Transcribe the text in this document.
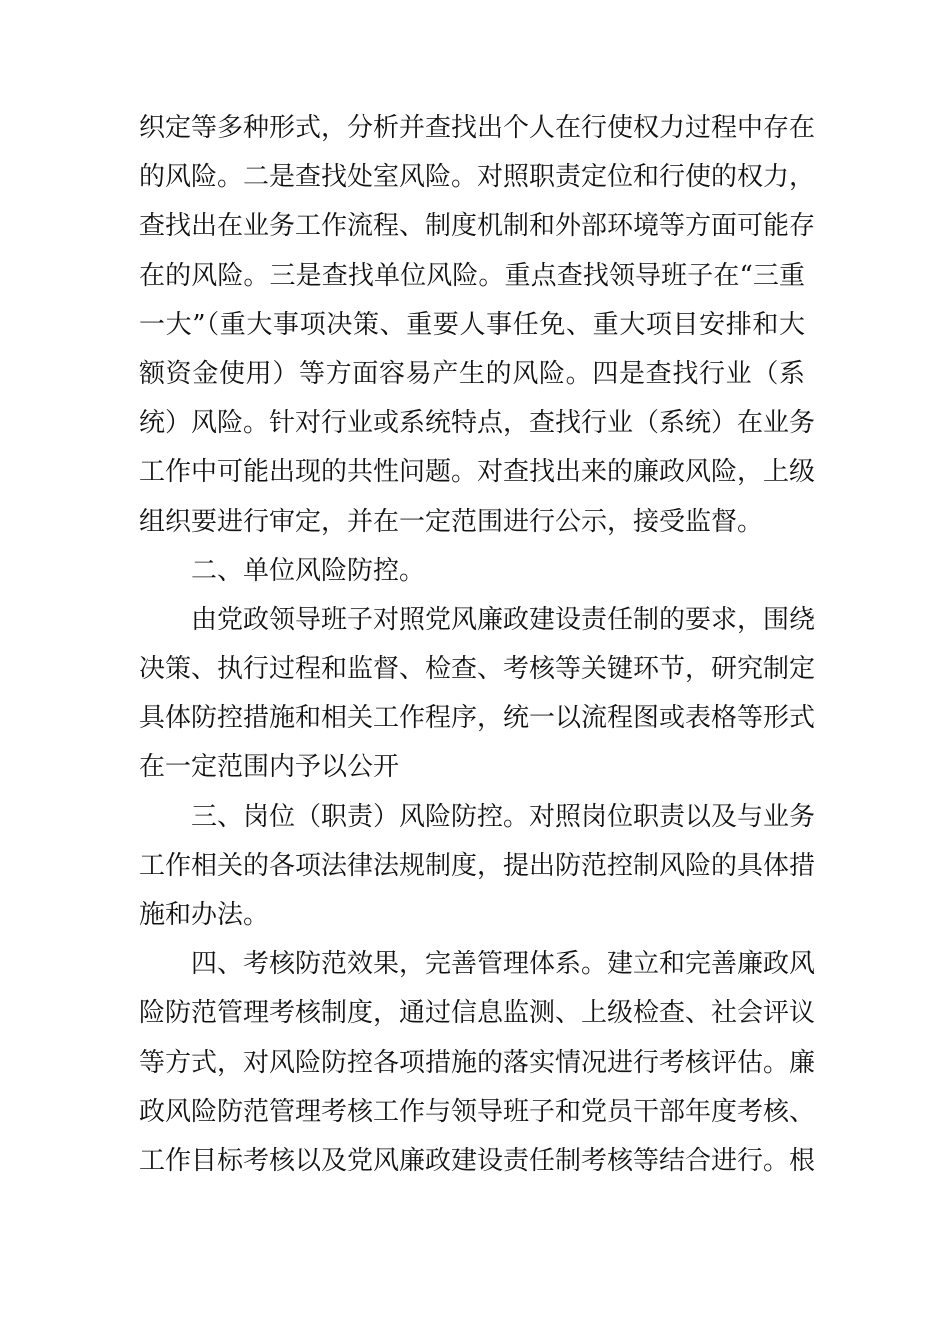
织定等多种形式，分析并查找出个人在行使权力过程中存在
的风险。二是查找处室风险。对照职责定位和行使的权力，
查找出在业务工作流程、制度机制和外部环境等方面可能存
在的风险。三是查找单位风险。重点查找领导班子在“三重
一大”（重大事项决策、重要人事任免、重大项目安排和大
额资金使用）等方面容易产生的风险。四是查找行业（系
统）风险。针对行业或系统特点，查找行业（系统）在业务
工作中可能出现的共性问题。对查找出来的廉政风险，上级
组织要进行审定，并在一定范围进行公示，接受监督。
二、单位风险防控。
由党政领导班子对照党风廉政建设责任制的要求，围绕
决策、执行过程和监督、检查、考核等关键环节，研究制定
具体防控措施和相关工作程序，统一以流程图或表格等形式
在一定范围内予以公开
三、岗位（职责）风险防控。对照岗位职责以及与业务
工作相关的各项法律法规制度，提出防范控制风险的具体措
施和办法。
四、考核防范效果，完善管理体系。建立和完善廉政风
险防范管理考核制度，通过信息监测、上级检查、社会评议
等方式，对风险防控各项措施的落实情况进行考核评估。廉
政风险防范管理考核工作与领导班子和党员干部年度考核、
工作目标考核以及党风廉政建设责任制考核等结合进行。根
